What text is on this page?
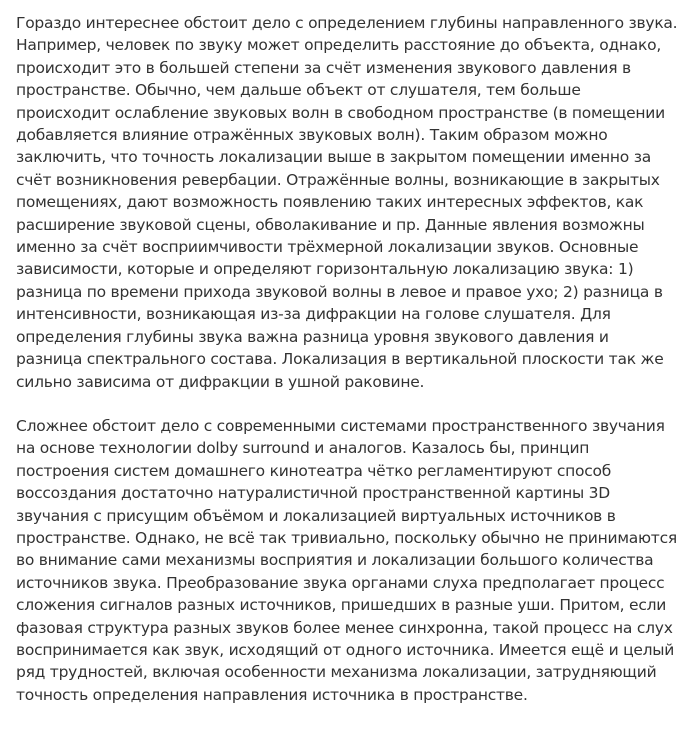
Гораздо интереснее обстоит дело с определением глубины направленного звука. Например, человек по звуку может определить расстояние до объекта, однако, происходит это в большей степени за счёт изменения звукового давления в пространстве. Обычно, чем дальше объект от слушателя, тем больше происходит ослабление звуковых волн в свободном пространстве (в помещении добавляется влияние отражённых звуковых волн). Таким образом можно заключить, что точность локализации выше в закрытом помещении именно за счёт возникновения ревербации. Отражённые волны, возникающие в закрытых помещениях, дают возможность появлению таких интересных эффектов, как расширение звуковой сцены, обволакивание и пр. Данные явления возможны именно за счёт восприимчивости трёхмерной локализации звуков. Основные зависимости, которые и определяют горизонтальную локализацию звука: 1) разница по времени прихода звуковой волны в левое и правое ухо; 2) разница в интенсивности, возникающая из-за дифракции на голове слушателя. Для определения глубины звука важна разница уровня звукового давления и разница спектрального состава. Локализация в вертикальной плоскости так же сильно зависима от дифракции в ушной раковине.

Сложнее обстоит дело с современными системами пространственного звучания на основе технологии dolby surround и аналогов. Казалось бы, принцип построения систем домашнего кинотеатра чётко регламентируют способ воссоздания достаточно натуралистичной пространственной картины 3D звучания с присущим объёмом и локализацией виртуальных источников в пространстве. Однако, не всё так тривиально, поскольку обычно не принимаются во внимание сами механизмы восприятия и локализации большого количества источников звука. Преобразование звука органами слуха предполагает процесс сложения сигналов разных источников, пришедших в разные уши. Притом, если фазовая структура разных звуков более менее синхронна, такой процесс на слух воспринимается как звук, исходящий от одного источника. Имеется ещё и целый ряд трудностей, включая особенности механизма локализации, затрудняющий точность определения направления источника в пространстве.
